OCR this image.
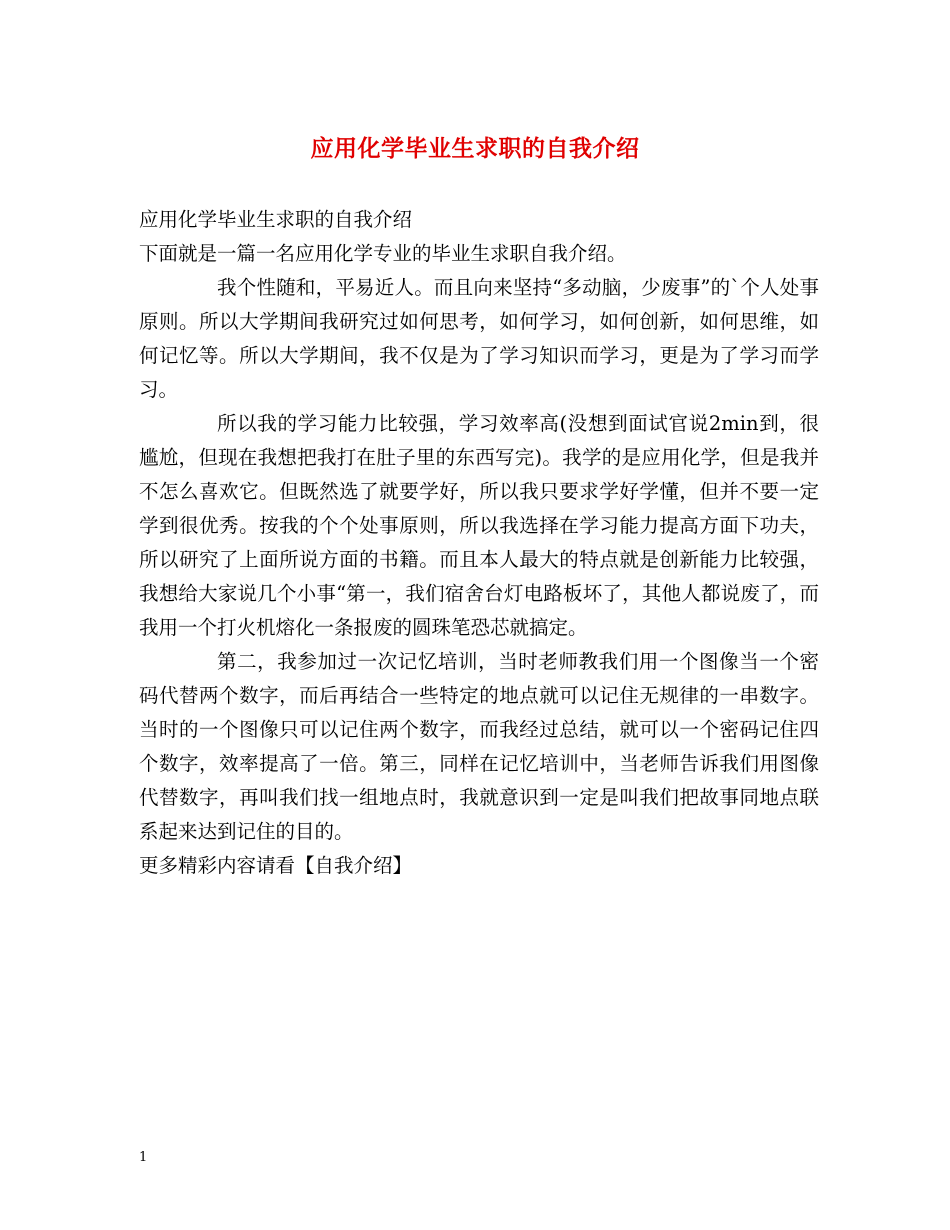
应用化学毕业生求职的自我介绍

应用化学毕业生求职的自我介绍

下面就是一篇一名应用化学专业的毕业生求职自我介绍。

我个性随和，平易近人。而且向来坚持“多动脑，少废事”的`个人处事原则。所以大学期间我研究过如何思考，如何学习，如何创新，如何思维，如何记忆等。所以大学期间，我不仅是为了学习知识而学习，更是为了学习而学习。

所以我的学习能力比较强，学习效率高(没想到面试官说2min到，很尴尬，但现在我想把我打在肚子里的东西写完)。我学的是应用化学，但是我并不怎么喜欢它。但既然选了就要学好，所以我只要求学好学懂，但并不要一定学到很优秀。按我的个个处事原则，所以我选择在学习能力提高方面下功夫，所以研究了上面所说方面的书籍。而且本人最大的特点就是创新能力比较强，我想给大家说几个小事“第一，我们宿舍台灯电路板坏了，其他人都说废了，而我用一个打火机熔化一条报废的圆珠笔恐芯就搞定。

第二，我参加过一次记忆培训，当时老师教我们用一个图像当一个密码代替两个数字，而后再结合一些特定的地点就可以记住无规律的一串数字。当时的一个图像只可以记住两个数字，而我经过总结，就可以一个密码记住四个数字，效率提高了一倍。第三，同样在记忆培训中，当老师告诉我们用图像代替数字，再叫我们找一组地点时，我就意识到一定是叫我们把故事同地点联系起来达到记住的目的。

更多精彩内容请看【自我介绍】

1
